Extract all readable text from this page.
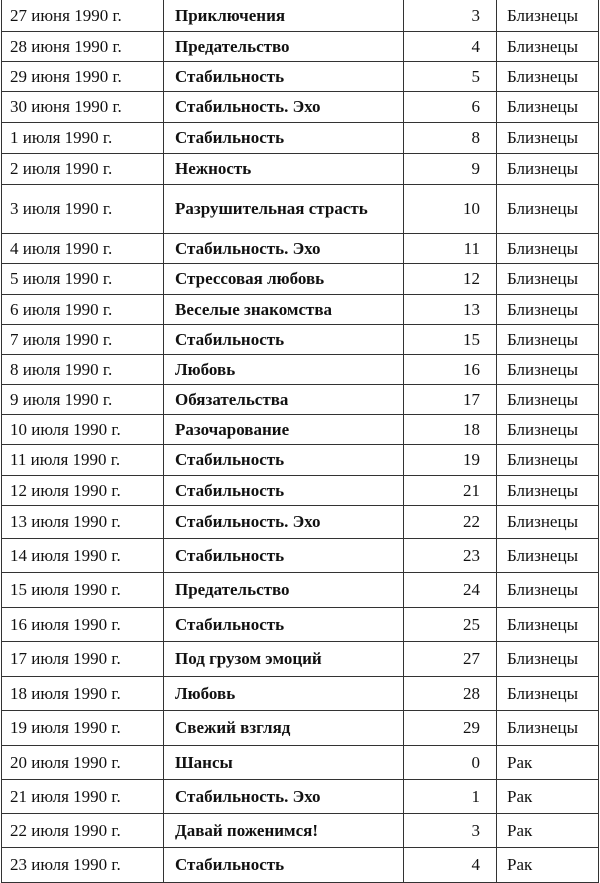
27 июня 1990 г.	Приключения	3	Близнецы
28 июня 1990 г.	Предательство	4	Близнецы
29 июня 1990 г.	Стабильность	5	Близнецы
30 июня 1990 г.	Стабильность. Эхо	6	Близнецы
1 июля 1990 г.	Стабильность	8	Близнецы
2 июля 1990 г.	Нежность	9	Близнецы
3 июля 1990 г.	Разрушительная страсть	10	Близнецы
4 июля 1990 г.	Стабильность. Эхо	11	Близнецы
5 июля 1990 г.	Стрессовая любовь	12	Близнецы
6 июля 1990 г.	Веселые знакомства	13	Близнецы
7 июля 1990 г.	Стабильность	15	Близнецы
8 июля 1990 г.	Любовь	16	Близнецы
9 июля 1990 г.	Обязательства	17	Близнецы
10 июля 1990 г.	Разочарование	18	Близнецы
11 июля 1990 г.	Стабильность	19	Близнецы
12 июля 1990 г.	Стабильность	21	Близнецы
13 июля 1990 г.	Стабильность. Эхо	22	Близнецы
14 июля 1990 г.	Стабильность	23	Близнецы
15 июля 1990 г.	Предательство	24	Близнецы
16 июля 1990 г.	Стабильность	25	Близнецы
17 июля 1990 г.	Под грузом эмоций	27	Близнецы
18 июля 1990 г.	Любовь	28	Близнецы
19 июля 1990 г.	Свежий взгляд	29	Близнецы
20 июля 1990 г.	Шансы	0	Рак
21 июля 1990 г.	Стабильность. Эхо	1	Рак
22 июля 1990 г.	Давай поженимся!	3	Рак
23 июля 1990 г.	Стабильность	4	Рак
